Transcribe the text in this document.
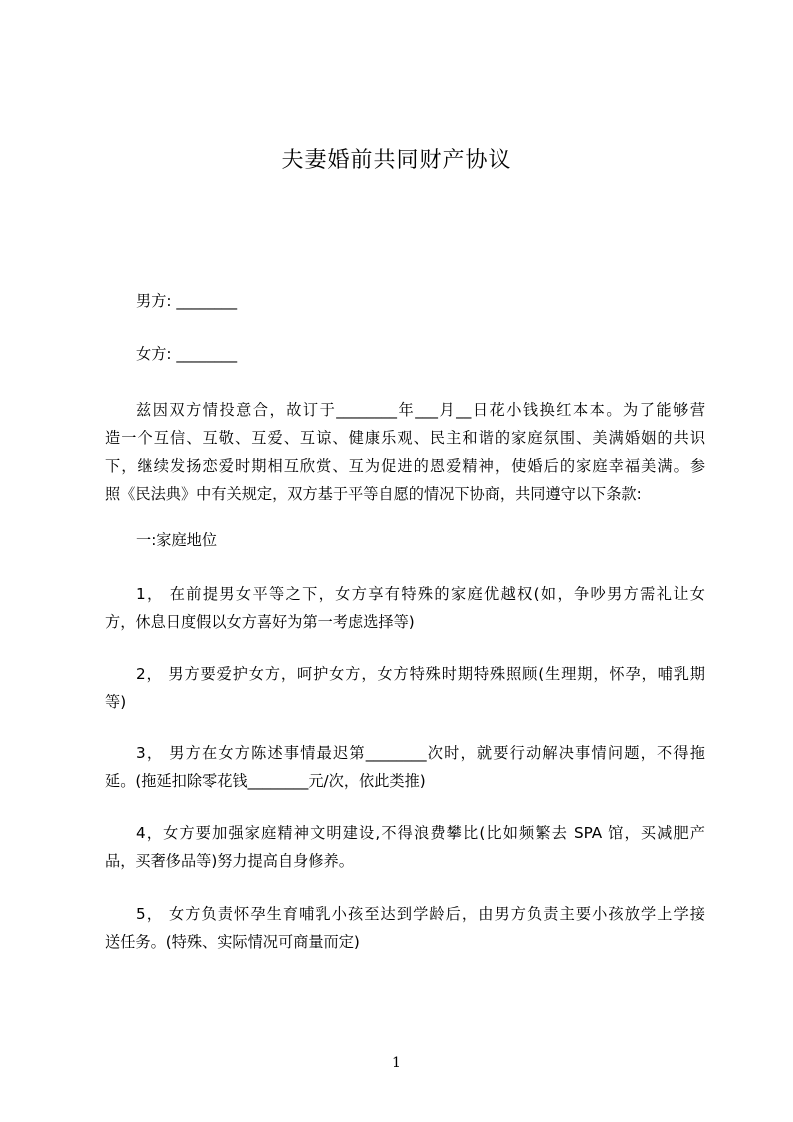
夫妻婚前共同财产协议
男方: ________
女方: ________
兹因双方情投意合，故订于________年___月__日花小钱换红本本。为了能够营
造一个互信、互敬、互爱、互谅、健康乐观、民主和谐的家庭氛围、美满婚姻的共识
下，继续发扬恋爱时期相互欣赏、互为促进的恩爱精神，使婚后的家庭幸福美满。参
照《民法典》中有关规定，双方基于平等自愿的情况下协商，共同遵守以下条款:
一:家庭地位
1， 在前提男女平等之下，女方享有特殊的家庭优越权(如，争吵男方需礼让女
方，休息日度假以女方喜好为第一考虑选择等)
2， 男方要爱护女方，呵护女方，女方特殊时期特殊照顾(生理期，怀孕，哺乳期
等)
3， 男方在女方陈述事情最迟第________次时，就要行动解决事情问题，不得拖
延。(拖延扣除零花钱________元/次，依此类推)
4，女方要加强家庭精神文明建设,不得浪费攀比(比如频繁去 SPA 馆，买减肥产
品，买奢侈品等)努力提高自身修养。
5， 女方负责怀孕生育哺乳小孩至达到学龄后，由男方负责主要小孩放学上学接
送任务。(特殊、实际情况可商量而定)
1
